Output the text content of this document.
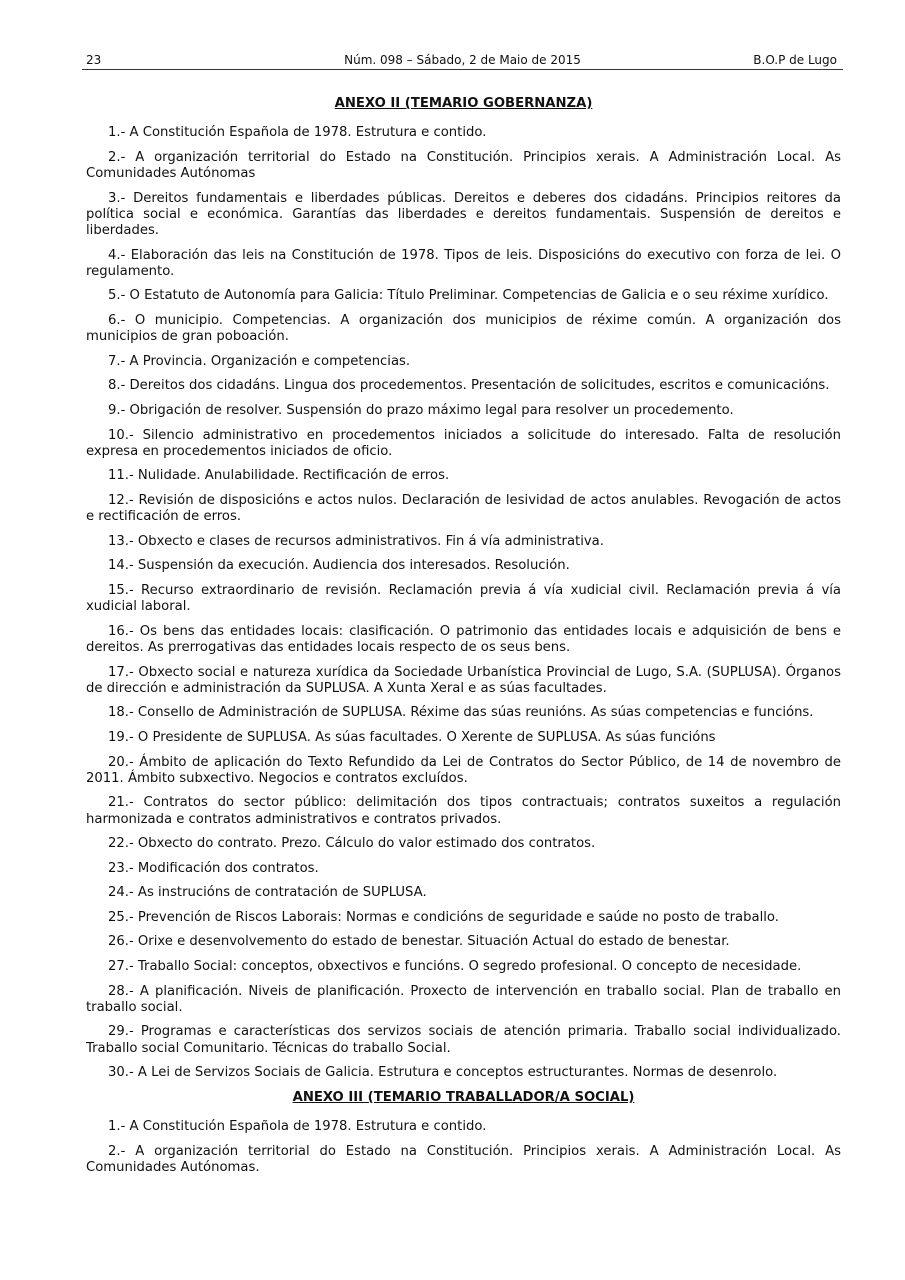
23	Núm. 098 – Sábado, 2 de Maio de 2015	B.O.P de Lugo
ANEXO II (TEMARIO GOBERNANZA)

1.- A Constitución Española de 1978. Estrutura e contido.

2.- A organización territorial do Estado na Constitución. Principios xerais. A Administración Local. As Comunidades Autónomas

3.- Dereitos fundamentais e liberdades públicas. Dereitos e deberes dos cidadáns. Principios reitores da política social e económica. Garantías das liberdades e dereitos fundamentais. Suspensión de dereitos e liberdades.

4.- Elaboración das leis na Constitución de 1978. Tipos de leis. Disposicións do executivo con forza de lei. O regulamento.

5.- O Estatuto de Autonomía para Galicia: Título Preliminar. Competencias de Galicia e o seu réxime xurídico.

6.- O municipio. Competencias. A organización dos municipios de réxime común. A organización dos municipios de gran poboación.

7.- A Provincia. Organización e competencias.

8.- Dereitos dos cidadáns. Lingua dos procedementos. Presentación de solicitudes, escritos e comunicacións.

9.- Obrigación de resolver. Suspensión do prazo máximo legal para resolver un procedemento.

10.- Silencio administrativo en procedementos iniciados a solicitude do interesado. Falta de resolución expresa en procedementos iniciados de oficio.

11.- Nulidade. Anulabilidade. Rectificación de erros.

12.- Revisión de disposicións e actos nulos. Declaración de lesividad de actos anulables. Revogación de actos e rectificación de erros.

13.- Obxecto e clases de recursos administrativos. Fin á vía administrativa.

14.- Suspensión da execución. Audiencia dos interesados. Resolución.

15.- Recurso extraordinario de revisión. Reclamación previa á vía xudicial civil. Reclamación previa á vía xudicial laboral.

16.- Os bens das entidades locais: clasificación. O patrimonio das entidades locais e adquisición de bens e dereitos. As prerrogativas das entidades locais respecto de os seus bens.

17.- Obxecto social e natureza xurídica da Sociedade Urbanística Provincial de Lugo, S.A. (SUPLUSA). Órganos de dirección e administración da SUPLUSA. A Xunta Xeral e as súas facultades.

18.- Consello de Administración de SUPLUSA. Réxime das súas reunións. As súas competencias e funcións.

19.- O Presidente de SUPLUSA. As súas facultades. O Xerente de SUPLUSA. As súas funcións

20.- Ámbito de aplicación do Texto Refundido da Lei de Contratos do Sector Público, de 14 de novembro de 2011. Ámbito subxectivo. Negocios e contratos excluídos.

21.- Contratos do sector público: delimitación dos tipos contractuais; contratos suxeitos a regulación harmonizada e contratos administrativos e contratos privados.

22.- Obxecto do contrato. Prezo. Cálculo do valor estimado dos contratos.

23.- Modificación dos contratos.

24.- As instrucións de contratación de SUPLUSA.

25.- Prevención de Riscos Laborais: Normas e condicións de seguridade e saúde no posto de traballo.

26.- Orixe e desenvolvemento do estado de benestar. Situación Actual do estado de benestar.

27.- Traballo Social: conceptos, obxectivos e funcións. O segredo profesional. O concepto de necesidade.

28.- A planificación. Niveis de planificación. Proxecto de intervención en traballo social. Plan de traballo en traballo social.

29.- Programas e características dos servizos sociais de atención primaria. Traballo social individualizado. Traballo social Comunitario. Técnicas do traballo Social.

30.- A Lei de Servizos Sociais de Galicia. Estrutura e conceptos estructurantes. Normas de desenrolo.

ANEXO III (TEMARIO TRABALLADOR/A SOCIAL)

1.- A Constitución Española de 1978. Estrutura e contido.

2.- A organización territorial do Estado na Constitución. Principios xerais. A Administración Local. As Comunidades Autónomas.
